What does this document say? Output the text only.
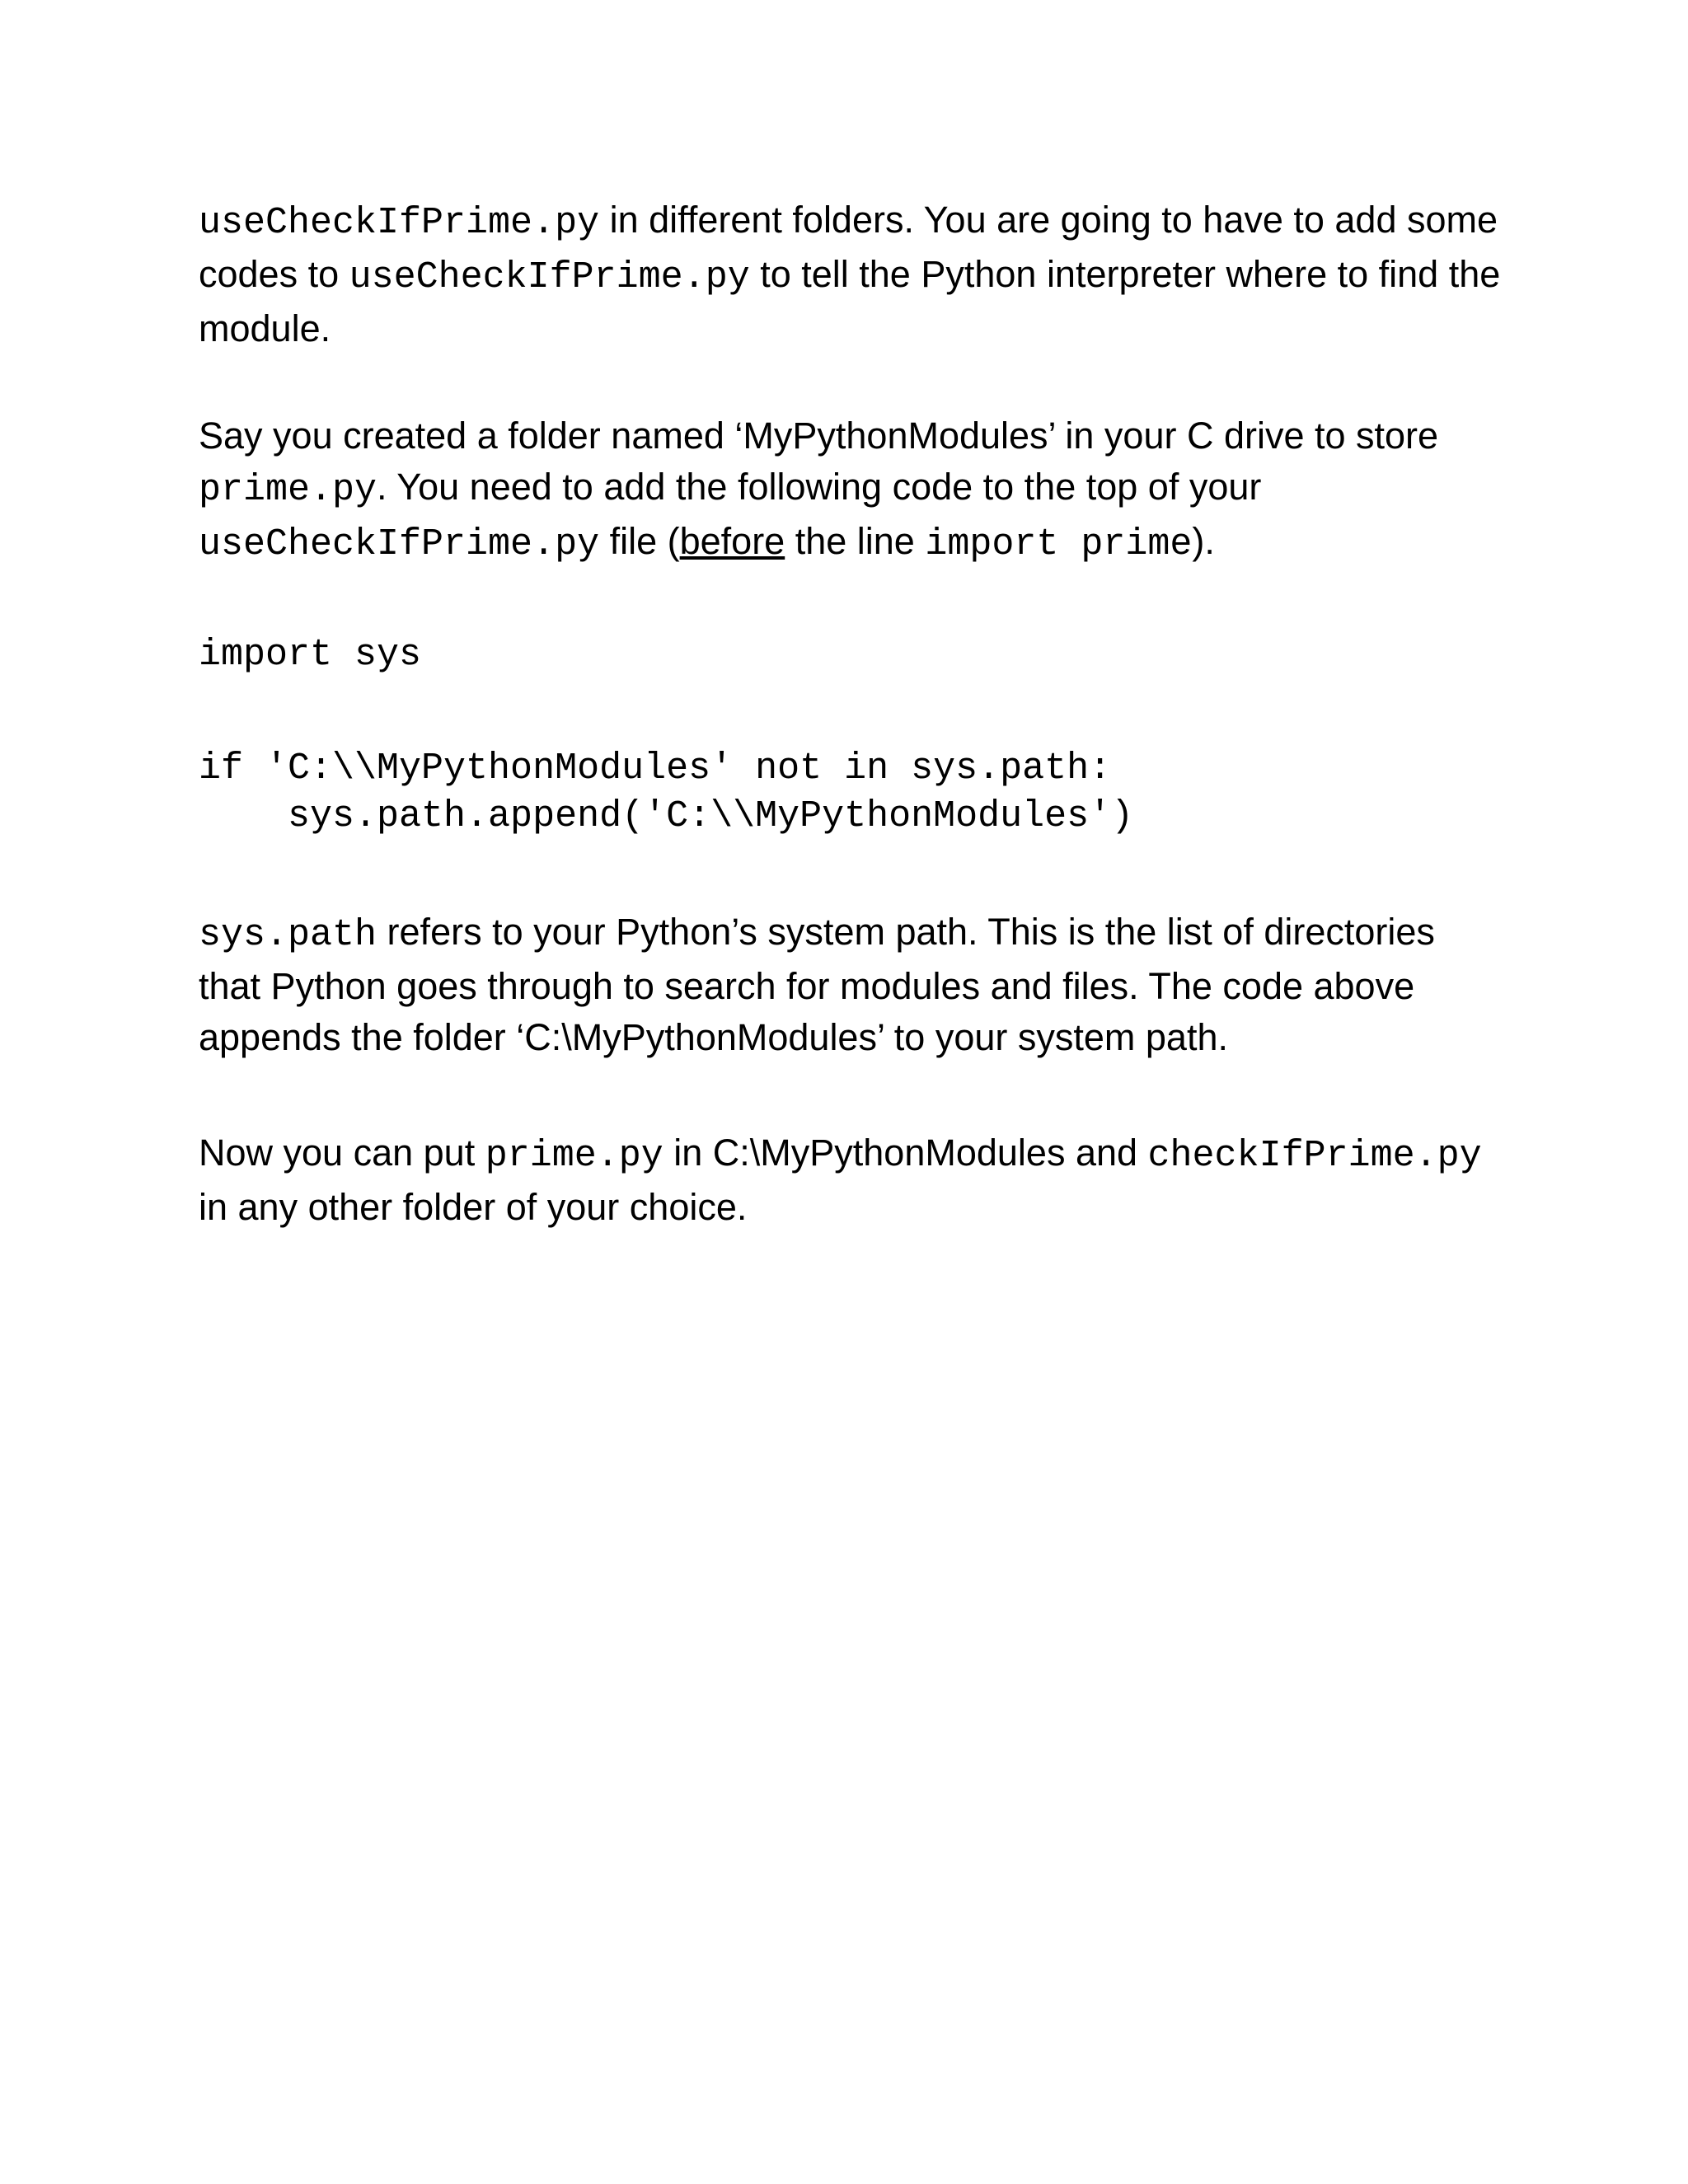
useCheckIfPrime.py in different folders. You are going to have to add some codes to useCheckIfPrime.py to tell the Python interpreter where to find the module.

Say you created a folder named ‘MyPythonModules’ in your C drive to store prime.py. You need to add the following code to the top of your useCheckIfPrime.py file (before the line import prime).

import sys
if 'C:\\MyPythonModules' not in sys.path:
sys.path.append('C:\\MyPythonModules')

sys.path refers to your Python’s system path. This is the list of directories that Python goes through to search for modules and files. The code above appends the folder ‘C:\MyPythonModules’ to your system path.

Now you can put prime.py in C:\MyPythonModules and checkIfPrime.py in any other folder of your choice.
